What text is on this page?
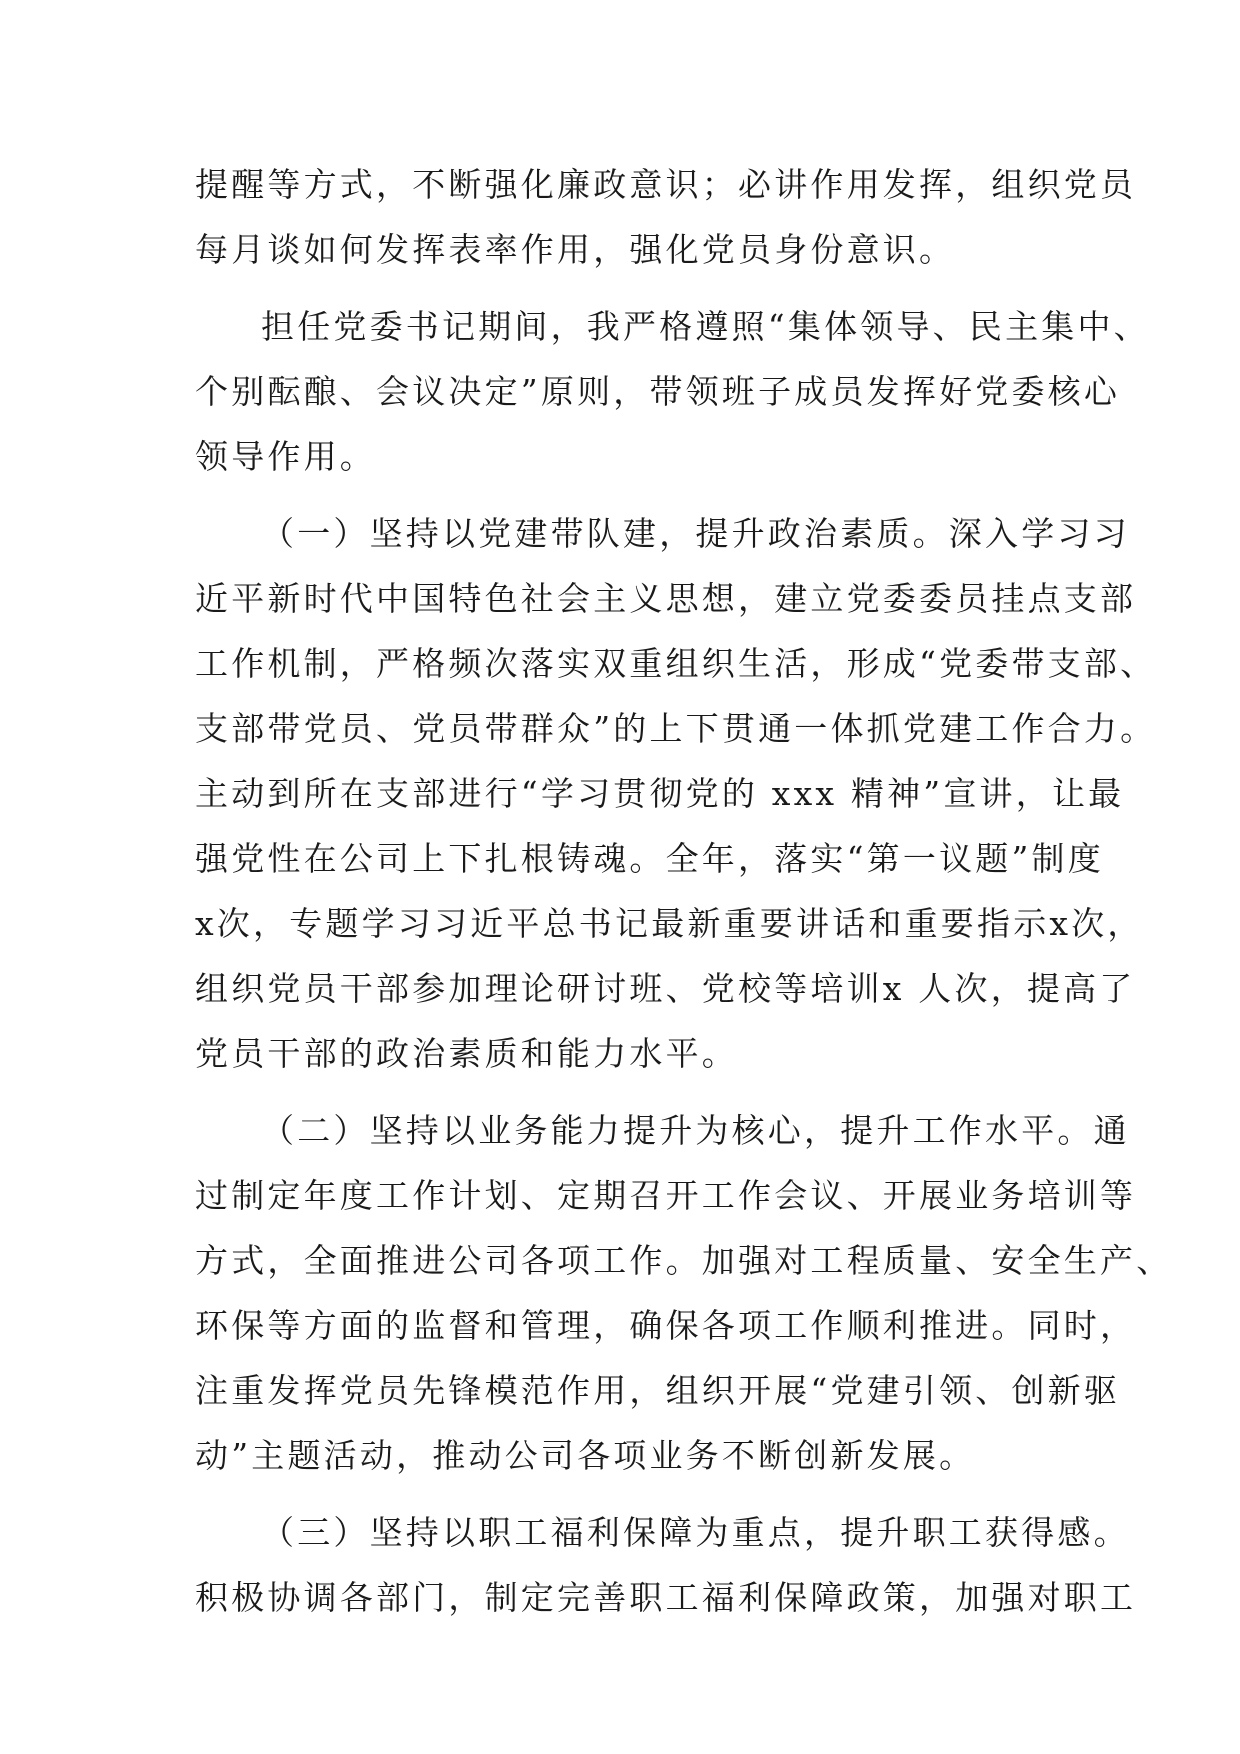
提醒等方式，不断强化廉政意识；必讲作用发挥，组织党员
每月谈如何发挥表率作用，强化党员身份意识。
担任党委书记期间，我严格遵照“集体领导、民主集中、
个别酝酿、会议决定”原则，带领班子成员发挥好党委核心
领导作用。
（一）坚持以党建带队建，提升政治素质。深入学习习
近平新时代中国特色社会主义思想，建立党委委员挂点支部
工作机制，严格频次落实双重组织生活，形成“党委带支部、
支部带党员、党员带群众”的上下贯通一体抓党建工作合力。
主动到所在支部进行“学习贯彻党的 xxx 精神”宣讲，让最
强党性在公司上下扎根铸魂。全年，落实“第一议题”制度
x次，专题学习习近平总书记最新重要讲话和重要指示x次，
组织党员干部参加理论研讨班、党校等培训x 人次，提高了
党员干部的政治素质和能力水平。
（二）坚持以业务能力提升为核心，提升工作水平。通
过制定年度工作计划、定期召开工作会议、开展业务培训等
方式，全面推进公司各项工作。加强对工程质量、安全生产、
环保等方面的监督和管理，确保各项工作顺利推进。同时，
注重发挥党员先锋模范作用，组织开展“党建引领、创新驱
动”主题活动，推动公司各项业务不断创新发展。
（三）坚持以职工福利保障为重点，提升职工获得感。
积极协调各部门，制定完善职工福利保障政策，加强对职工
